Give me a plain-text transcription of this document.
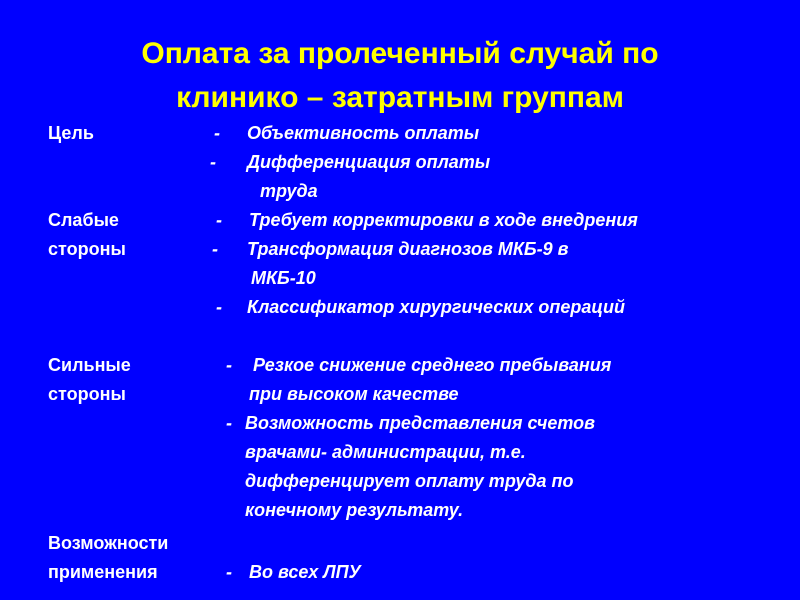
Оплата за пролеченный случай по
клинико – затратным группам
Цель	- Объективность оплаты
- Дифференциация оплаты
труда
Слабые	- Требует корректировки в ходе внедрения
стороны	- Трансформация диагнозов МКБ-9 в
МКБ-10
- Классификатор хирургических операций
Сильные	- Резкое снижение среднего пребывания
стороны	при высоком качестве
- Возможность представления счетов
врачами- администрации, т.е.
дифференцирует оплату труда по
конечному результату.
Возможности
применения	- Во всех ЛПУ
